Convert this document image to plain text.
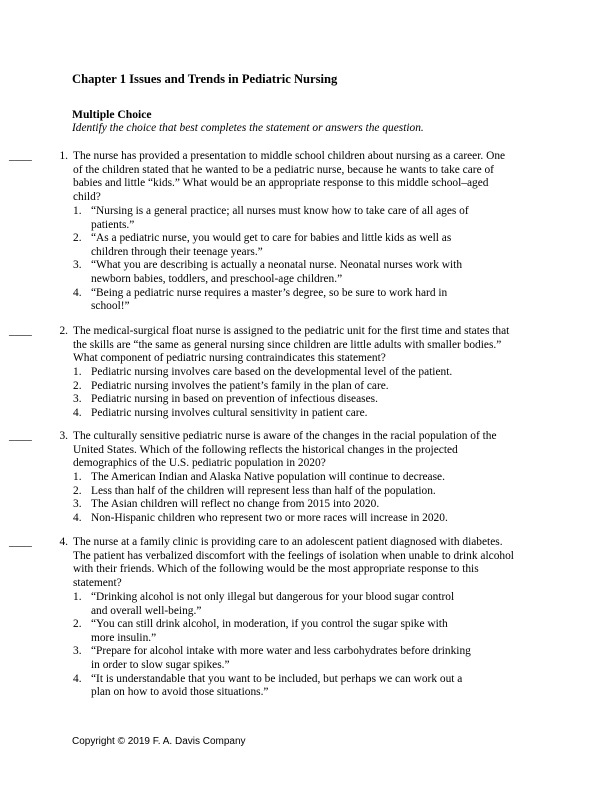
Chapter 1 Issues and Trends in Pediatric Nursing
Multiple Choice
Identify the choice that best completes the statement or answers the question.
____	1. The nurse has provided a presentation to middle school children about nursing as a career. One
of the children stated that he wanted to be a pediatric nurse, because he wants to take care of
babies and little “kids.” What would be an appropriate response to this middle school–aged
child?
1. “Nursing is a general practice; all nurses must know how to take care of all ages of
patients.”
2. “As a pediatric nurse, you would get to care for babies and little kids as well as
children through their teenage years.”
3. “What you are describing is actually a neonatal nurse. Neonatal nurses work with
newborn babies, toddlers, and preschool-age children.”
4. “Being a pediatric nurse requires a master’s degree, so be sure to work hard in
school!”
____	2. The medical-surgical float nurse is assigned to the pediatric unit for the first time and states that
the skills are “the same as general nursing since children are little adults with smaller bodies.”
What component of pediatric nursing contraindicates this statement?
1. Pediatric nursing involves care based on the developmental level of the patient.
2. Pediatric nursing involves the patient’s family in the plan of care.
3. Pediatric nursing in based on prevention of infectious diseases.
4. Pediatric nursing involves cultural sensitivity in patient care.
____	3. The culturally sensitive pediatric nurse is aware of the changes in the racial population of the
United States. Which of the following reflects the historical changes in the projected
demographics of the U.S. pediatric population in 2020?
1. The American Indian and Alaska Native population will continue to decrease.
2. Less than half of the children will represent less than half of the population.
3. The Asian children will reflect no change from 2015 into 2020.
4. Non-Hispanic children who represent two or more races will increase in 2020.
____	4. The nurse at a family clinic is providing care to an adolescent patient diagnosed with diabetes.
The patient has verbalized discomfort with the feelings of isolation when unable to drink alcohol
with their friends. Which of the following would be the most appropriate response to this
statement?
1. “Drinking alcohol is not only illegal but dangerous for your blood sugar control
and overall well-being.”
2. “You can still drink alcohol, in moderation, if you control the sugar spike with
more insulin.”
3. “Prepare for alcohol intake with more water and less carbohydrates before drinking
in order to slow sugar spikes.”
4. “It is understandable that you want to be included, but perhaps we can work out a
plan on how to avoid those situations.”
Copyright © 2019 F. A. Davis Company
